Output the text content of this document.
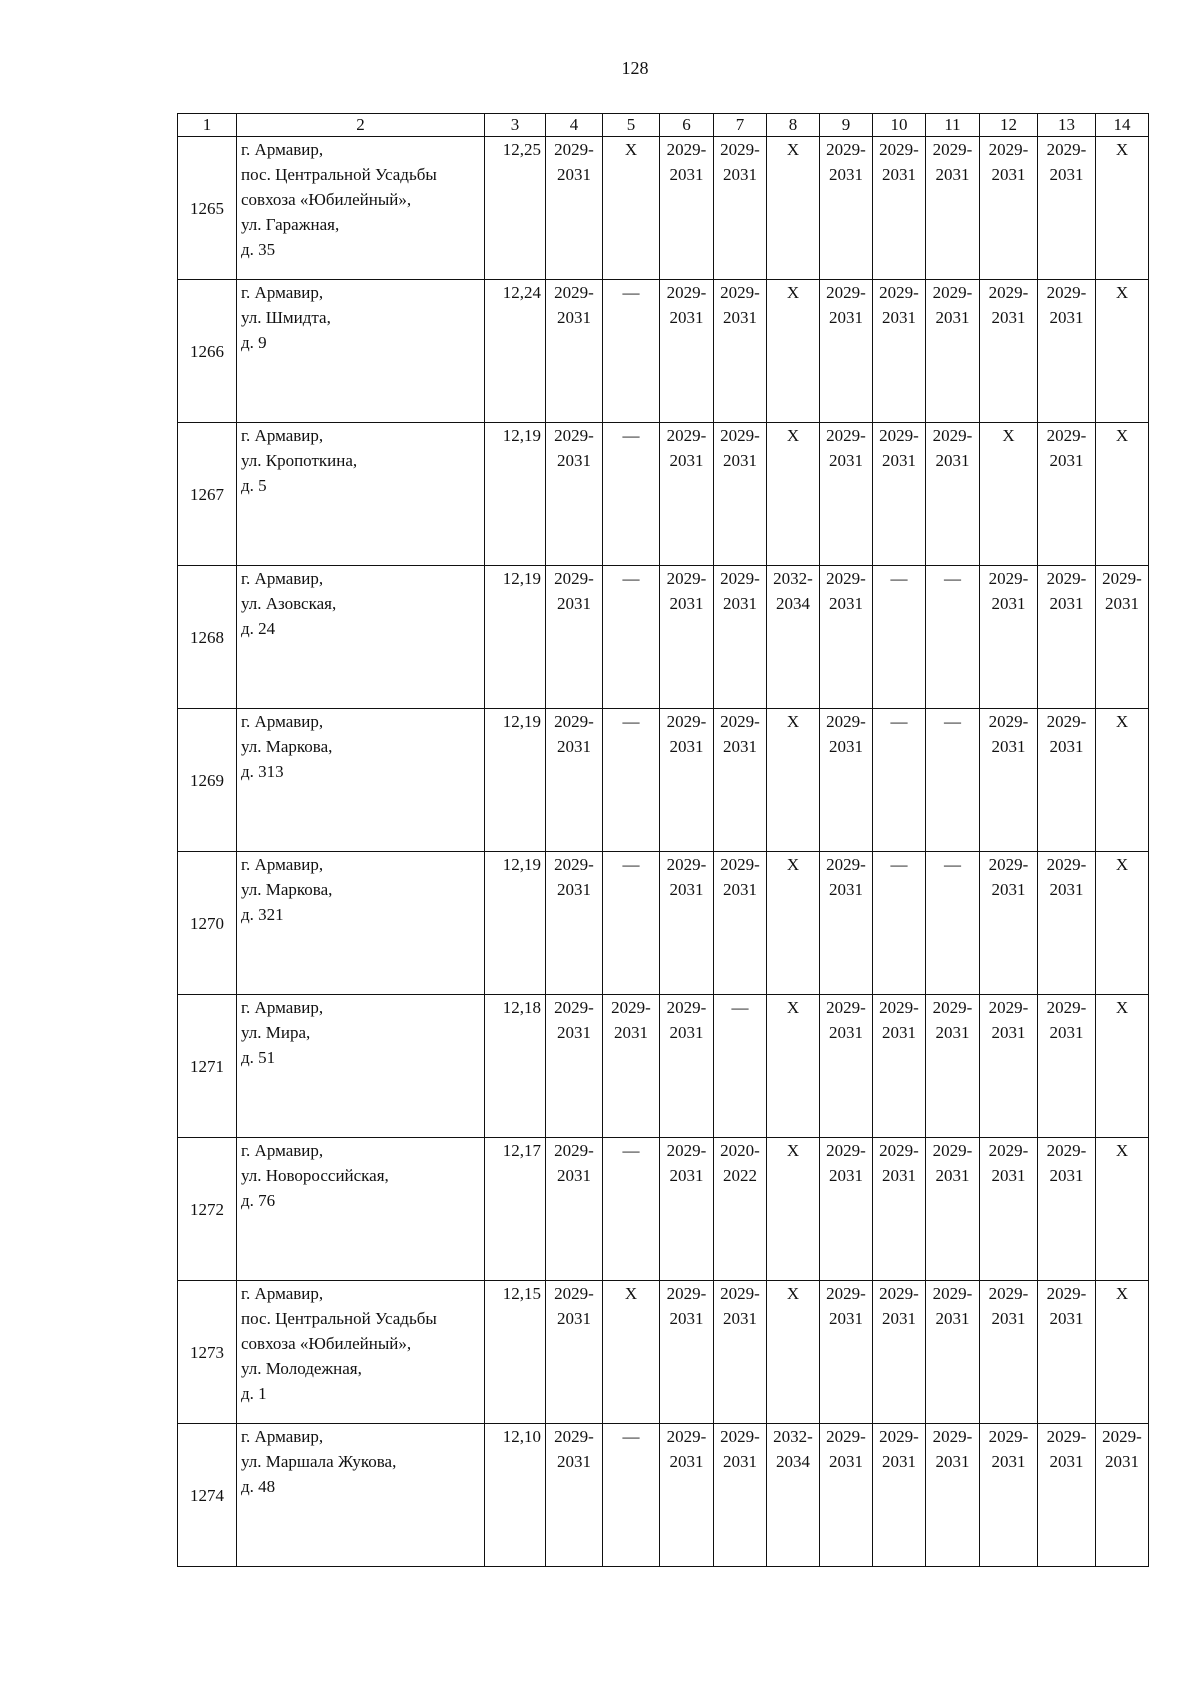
128
1	2	3	4	5	6	7	8	9	10	11	12	13	14
1265	г. Армавир,
пос. Центральной Усадьбы
совхоза «Юбилейный»,
ул. Гаражная,
д. 35	12,25	2029-
2031	X	2029-
2031	2029-
2031	X	2029-
2031	2029-
2031	2029-
2031	2029-
2031	2029-
2031	X
1266	г. Армавир,
ул. Шмидта,
д. 9	12,24	2029-
2031	—	2029-
2031	2029-
2031	X	2029-
2031	2029-
2031	2029-
2031	2029-
2031	2029-
2031	X
1267	г. Армавир,
ул. Кропоткина,
д. 5	12,19	2029-
2031	—	2029-
2031	2029-
2031	X	2029-
2031	2029-
2031	2029-
2031	X	2029-
2031	X
1268	г. Армавир,
ул. Азовская,
д. 24	12,19	2029-
2031	—	2029-
2031	2029-
2031	2032-
2034	2029-
2031	—	—	2029-
2031	2029-
2031	2029-
2031
1269	г. Армавир,
ул. Маркова,
д. 313	12,19	2029-
2031	—	2029-
2031	2029-
2031	X	2029-
2031	—	—	2029-
2031	2029-
2031	X
1270	г. Армавир,
ул. Маркова,
д. 321	12,19	2029-
2031	—	2029-
2031	2029-
2031	X	2029-
2031	—	—	2029-
2031	2029-
2031	X
1271	г. Армавир,
ул. Мира,
д. 51	12,18	2029-
2031	2029-
2031	2029-
2031	—	X	2029-
2031	2029-
2031	2029-
2031	2029-
2031	2029-
2031	X
1272	г. Армавир,
ул. Новороссийская,
д. 76	12,17	2029-
2031	—	2029-
2031	2020-
2022	X	2029-
2031	2029-
2031	2029-
2031	2029-
2031	2029-
2031	X
1273	г. Армавир,
пос. Центральной Усадьбы
совхоза «Юбилейный»,
ул. Молодежная,
д. 1	12,15	2029-
2031	X	2029-
2031	2029-
2031	X	2029-
2031	2029-
2031	2029-
2031	2029-
2031	2029-
2031	X
1274	г. Армавир,
ул. Маршала Жукова,
д. 48	12,10	2029-
2031	—	2029-
2031	2029-
2031	2032-
2034	2029-
2031	2029-
2031	2029-
2031	2029-
2031	2029-
2031	2029-
2031
